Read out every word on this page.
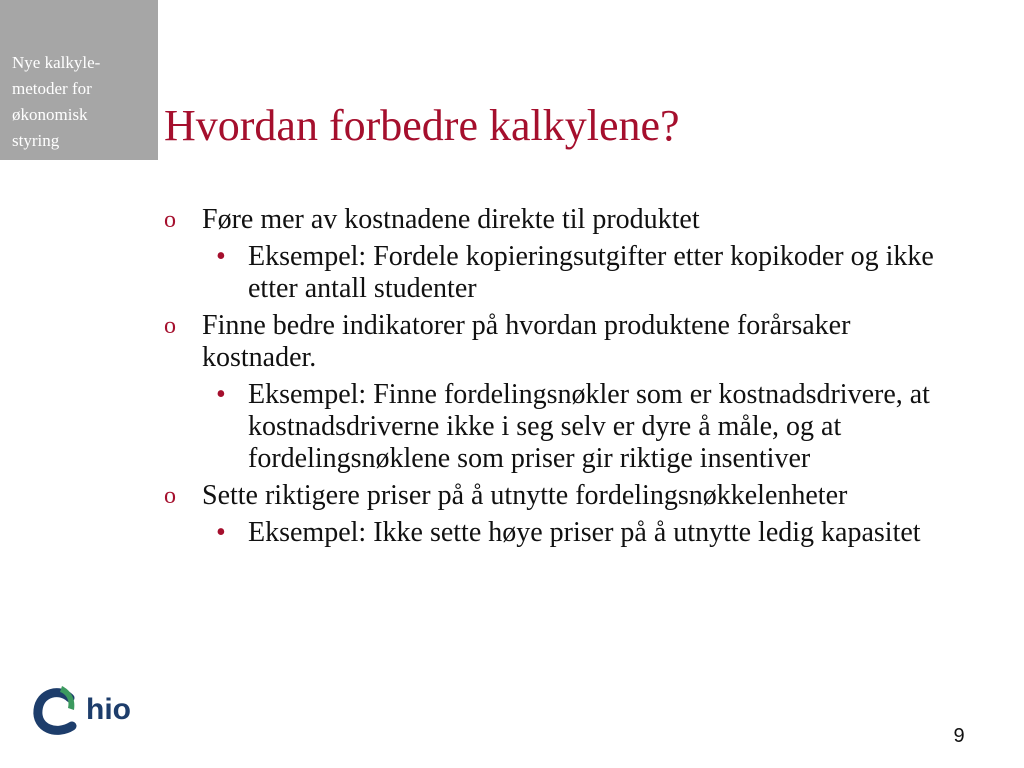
Nye kalkyle-
metoder for
økonomisk
styring	Hvordan forbedre kalkylene?
o Føre mer av kostnadene direkte til produktet
• Eksempel: Fordele kopieringsutgifter etter kopikoder og ikke etter antall studenter
o Finne bedre indikatorer på hvordan produktene forårsaker kostnader.
• Eksempel: Finne fordelingsnøkler som er kostnadsdrivere, at kostnadsdriverne ikke i seg selv er dyre å måle, og at fordelingsnøklene som priser gir riktige insentiver
o Sette riktigere priser på å utnytte fordelingsnøkkelenheter
• Eksempel: Ikke sette høye priser på å utnytte ledig kapasitet
hio
9
